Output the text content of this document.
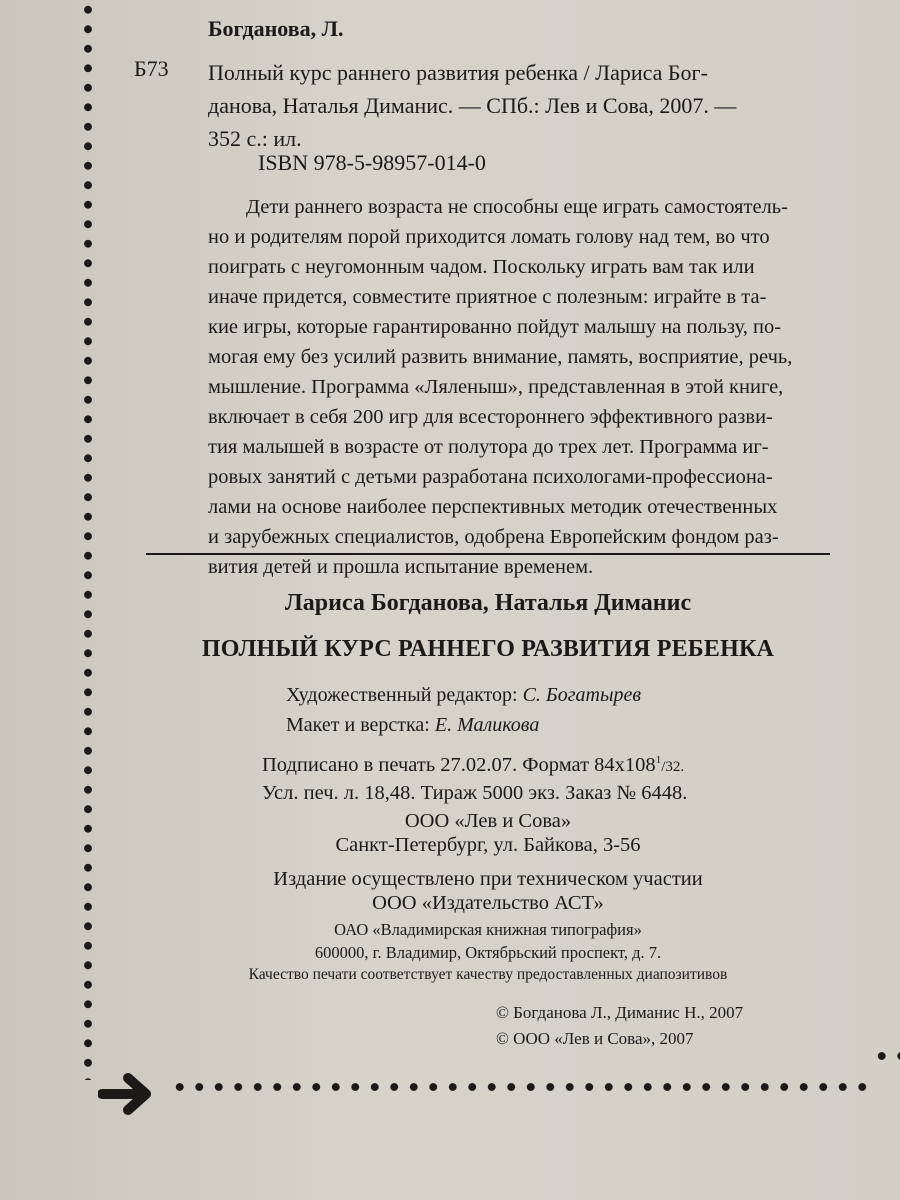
Богданова, Л.
Б73 Полный курс раннего развития ребенка / Лариса Бог-
данова, Наталья Диманис. — СПб.: Лев и Сова, 2007. —
352 с.: ил.
ISBN 978-5-98957-014-0
Дети раннего возраста не способны еще играть самостоятель-
но и родителям порой приходится ломать голову над тем, во что
поиграть с неугомонным чадом. Поскольку играть вам так или
иначе придется, совместите приятное с полезным: играйте в та-
кие игры, которые гарантированно пойдут малышу на пользу, по-
могая ему без усилий развить внимание, память, восприятие, речь,
мышление. Программа «Ляленыш», представленная в этой книге,
включает в себя 200 игр для всестороннего эффективного разви-
тия малышей в возрасте от полутора до трех лет. Программа иг-
ровых занятий с детьми разработана психологами-профессиона-
лами на основе наиболее перспективных методик отечественных
и зарубежных специалистов, одобрена Европейским фондом раз-
вития детей и прошла испытание временем.
Лариса Богданова, Наталья Диманис
ПОЛНЫЙ КУРС РАННЕГО РАЗВИТИЯ РЕБЕНКА
Художественный редактор: С. Богатырев
Макет и верстка: Е. Маликова
Подписано в печать 27.02.07. Формат $84x108^1/32$.
Усл. печ. л. 18,48. Тираж 5000 экз. Заказ № 6448.
ООО «Лев и Сова»
Санкт-Петербург, ул. Байкова, 3-56
Издание осуществлено при техническом участии
ООО «Издательство АСТ»
ОАО «Владимирская книжная типография»
600000, г. Владимир, Октябрьский проспект, д. 7.
Качество печати соответствует качеству предоставленных диапозитивов
© Богданова Л., Диманис Н., 2007
© ООО «Лев и Сова», 2007
